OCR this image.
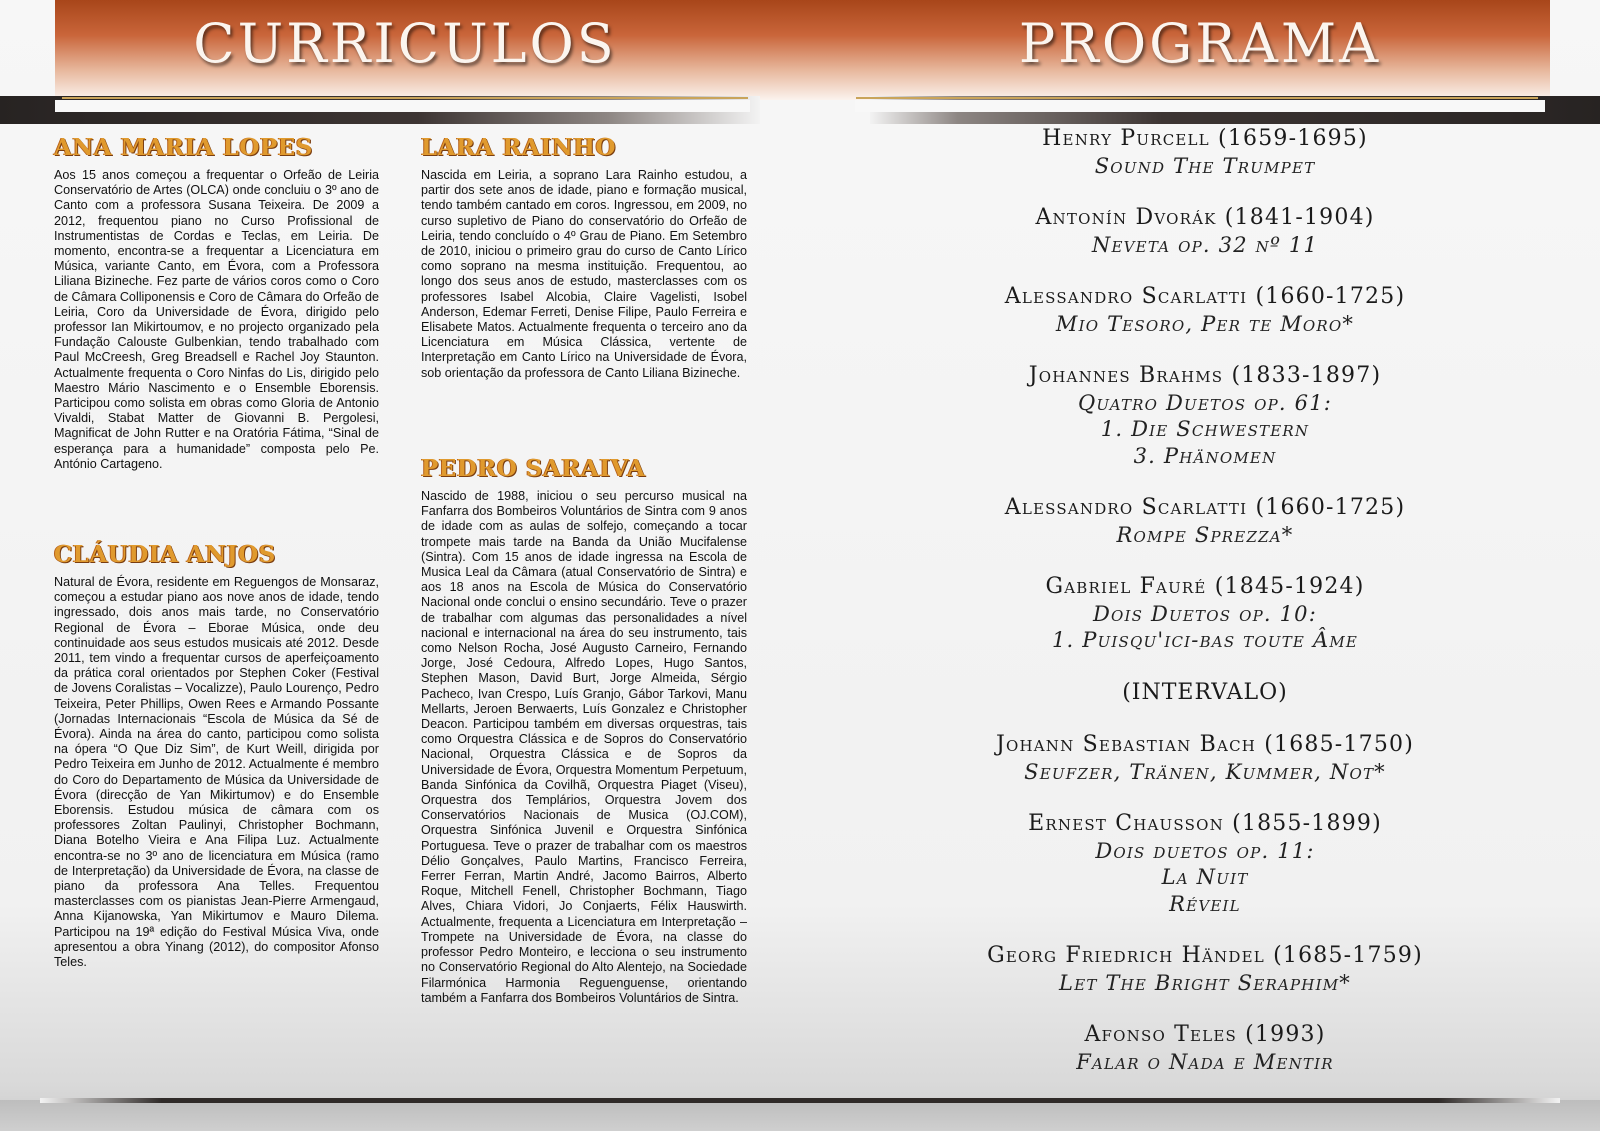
CURRICULOS	PROGRAMA
ANA MARIA LOPES

Aos 15 anos começou a frequentar o Orfeão de Leiria Conservatório de Artes (OLCA) onde concluiu o 3º ano de Canto com a professora Susana Teixeira. De 2009 a 2012, frequentou piano no Curso Profissional de Instrumentistas de Cordas e Teclas, em Leiria. De momento, encontra-se a frequentar a Licenciatura em Música, variante Canto, em Évora, com a Professora Liliana Bizineche. Fez parte de vários coros como o Coro de Câmara Colliponensis e Coro de Câmara do Orfeão de Leiria, Coro da Universidade de Évora, dirigido pelo professor Ian Mikirtoumov, e no projecto organizado pela Fundação Calouste Gulbenkian, tendo trabalhado com Paul McCreesh, Greg Breadsell e Rachel Joy Staunton. Actualmente frequenta o Coro Ninfas do Lis, dirigido pelo Maestro Mário Nascimento e o Ensemble Eborensis. Participou como solista em obras como Gloria de Antonio Vivaldi, Stabat Matter de Giovanni B. Pergolesi, Magnificat de John Rutter e na Oratória Fátima, “Sinal de esperança para a humanidade” composta pelo Pe. António Cartageno.

CLÁUDIA ANJOS

Natural de Évora, residente em Reguengos de Monsaraz, começou a estudar piano aos nove anos de idade, tendo ingressado, dois anos mais tarde, no Conservatório Regional de Évora – Eborae Música, onde deu continuidade aos seus estudos musicais até 2012. Desde 2011, tem vindo a frequentar cursos de aperfeiçoamento da prática coral orientados por Stephen Coker (Festival de Jovens Coralistas – Vocalizze), Paulo Lourenço, Pedro Teixeira, Peter Phillips, Owen Rees e Armando Possante (Jornadas Internacionais “Escola de Música da Sé de Évora). Ainda na área do canto, participou como solista na ópera “O Que Diz Sim”, de Kurt Weill, dirigida por Pedro Teixeira em Junho de 2012. Actualmente é membro do Coro do Departamento de Música da Universidade de Évora (direcção de Yan Mikirtumov) e do Ensemble Eborensis. Estudou música de câmara com os professores Zoltan Paulinyi, Christopher Bochmann, Diana Botelho Vieira e Ana Filipa Luz. Actualmente encontra-se no 3º ano de licenciatura em Música (ramo de Interpretação) da Universidade de Évora, na classe de piano da professora Ana Telles. Frequentou masterclasses com os pianistas Jean-Pierre Armengaud, Anna Kijanowska, Yan Mikirtumov e Mauro Dilema. Participou na 19ª edição do Festival Música Viva, onde apresentou a obra Yinang (2012), do compositor Afonso Teles.

LARA RAINHO

Nascida em Leiria, a soprano Lara Rainho estudou, a partir dos sete anos de idade, piano e formação musical, tendo também cantado em coros. Ingressou, em 2009, no curso supletivo de Piano do conservatório do Orfeão de Leiria, tendo concluído o 4º Grau de Piano. Em Setembro de 2010, iniciou o primeiro grau do curso de Canto Lírico como soprano na mesma instituição. Frequentou, ao longo dos seus anos de estudo, masterclasses com os professores Isabel Alcobia, Claire Vagelisti, Isobel Anderson, Edemar Ferreti, Denise Filipe, Paulo Ferreira e Elisabete Matos. Actualmente frequenta o terceiro ano da Licenciatura em Música Clássica, vertente de Interpretação em Canto Lírico na Universidade de Évora, sob orientação da professora de Canto Liliana Bizineche.

PEDRO SARAIVA

Nascido de 1988, iniciou o seu percurso musical na Fanfarra dos Bombeiros Voluntários de Sintra com 9 anos de idade com as aulas de solfejo, começando a tocar trompete mais tarde na Banda da União Mucifalense (Sintra). Com 15 anos de idade ingressa na Escola de Musica Leal da Câmara (atual Conservatório de Sintra) e aos 18 anos na Escola de Música do Conservatório Nacional onde conclui o ensino secundário. Teve o prazer de trabalhar com algumas das personalidades a nível nacional e internacional na área do seu instrumento, tais como Nelson Rocha, José Augusto Carneiro, Fernando Jorge, José Cedoura, Alfredo Lopes, Hugo Santos, Stephen Mason, David Burt, Jorge Almeida, Sérgio Pacheco, Ivan Crespo, Luís Granjo, Gábor Tarkovi, Manu Mellarts, Jeroen Berwaerts, Luís Gonzalez e Christopher Deacon. Participou também em diversas orquestras, tais como Orquestra Clássica e de Sopros do Conservatório Nacional, Orquestra Clássica e de Sopros da Universidade de Évora, Orquestra Momentum Perpetuum, Banda Sinfónica da Covilhã, Orquestra Piaget (Viseu), Orquestra dos Templários, Orquestra Jovem dos Conservatórios Nacionais de Musica (OJ.COM), Orquestra Sinfónica Juvenil e Orquestra Sinfónica Portuguesa. Teve o prazer de trabalhar com os maestros Délio Gonçalves, Paulo Martins, Francisco Ferreira, Ferrer Ferran, Martin André, Jacomo Bairros, Alberto Roque, Mitchell Fenell, Christopher Bochmann, Tiago Alves, Chiara Vidori, Jo Conjaerts, Félix Hauswirth. Actualmente, frequenta a Licenciatura em Interpretação – Trompete na Universidade de Évora, na classe do professor Pedro Monteiro, e lecciona o seu instrumento no Conservatório Regional do Alto Alentejo, na Sociedade Filarmónica Harmonia Reguenguense, orientando também a Fanfarra dos Bombeiros Voluntários de Sintra.

Henry Purcell (1659-1695)
Sound The Trumpet
Antonín Dvorák (1841-1904)
Neveta op. 32 nº 11
Alessandro Scarlatti (1660-1725)
Mio Tesoro, Per te Moro*
Johannes Brahms (1833-1897)
Quatro Duetos op. 61:
1. Die Schwestern
3. Phänomen
Alessandro Scarlatti (1660-1725)
Rompe Sprezza*
Gabriel Fauré (1845-1924)
Dois Duetos op. 10:
1. Puisqu'ici-bas toute Âme
(INTERVALO)
Johann Sebastian Bach (1685-1750)
Seufzer, Tränen, Kummer, Not*
Ernest Chausson (1855-1899)
Dois duetos op. 11:
La Nuit
Réveil
Georg Friedrich Händel (1685-1759)
Let The Bright Seraphim*
Afonso Teles (1993)
Falar o Nada e Mentir
